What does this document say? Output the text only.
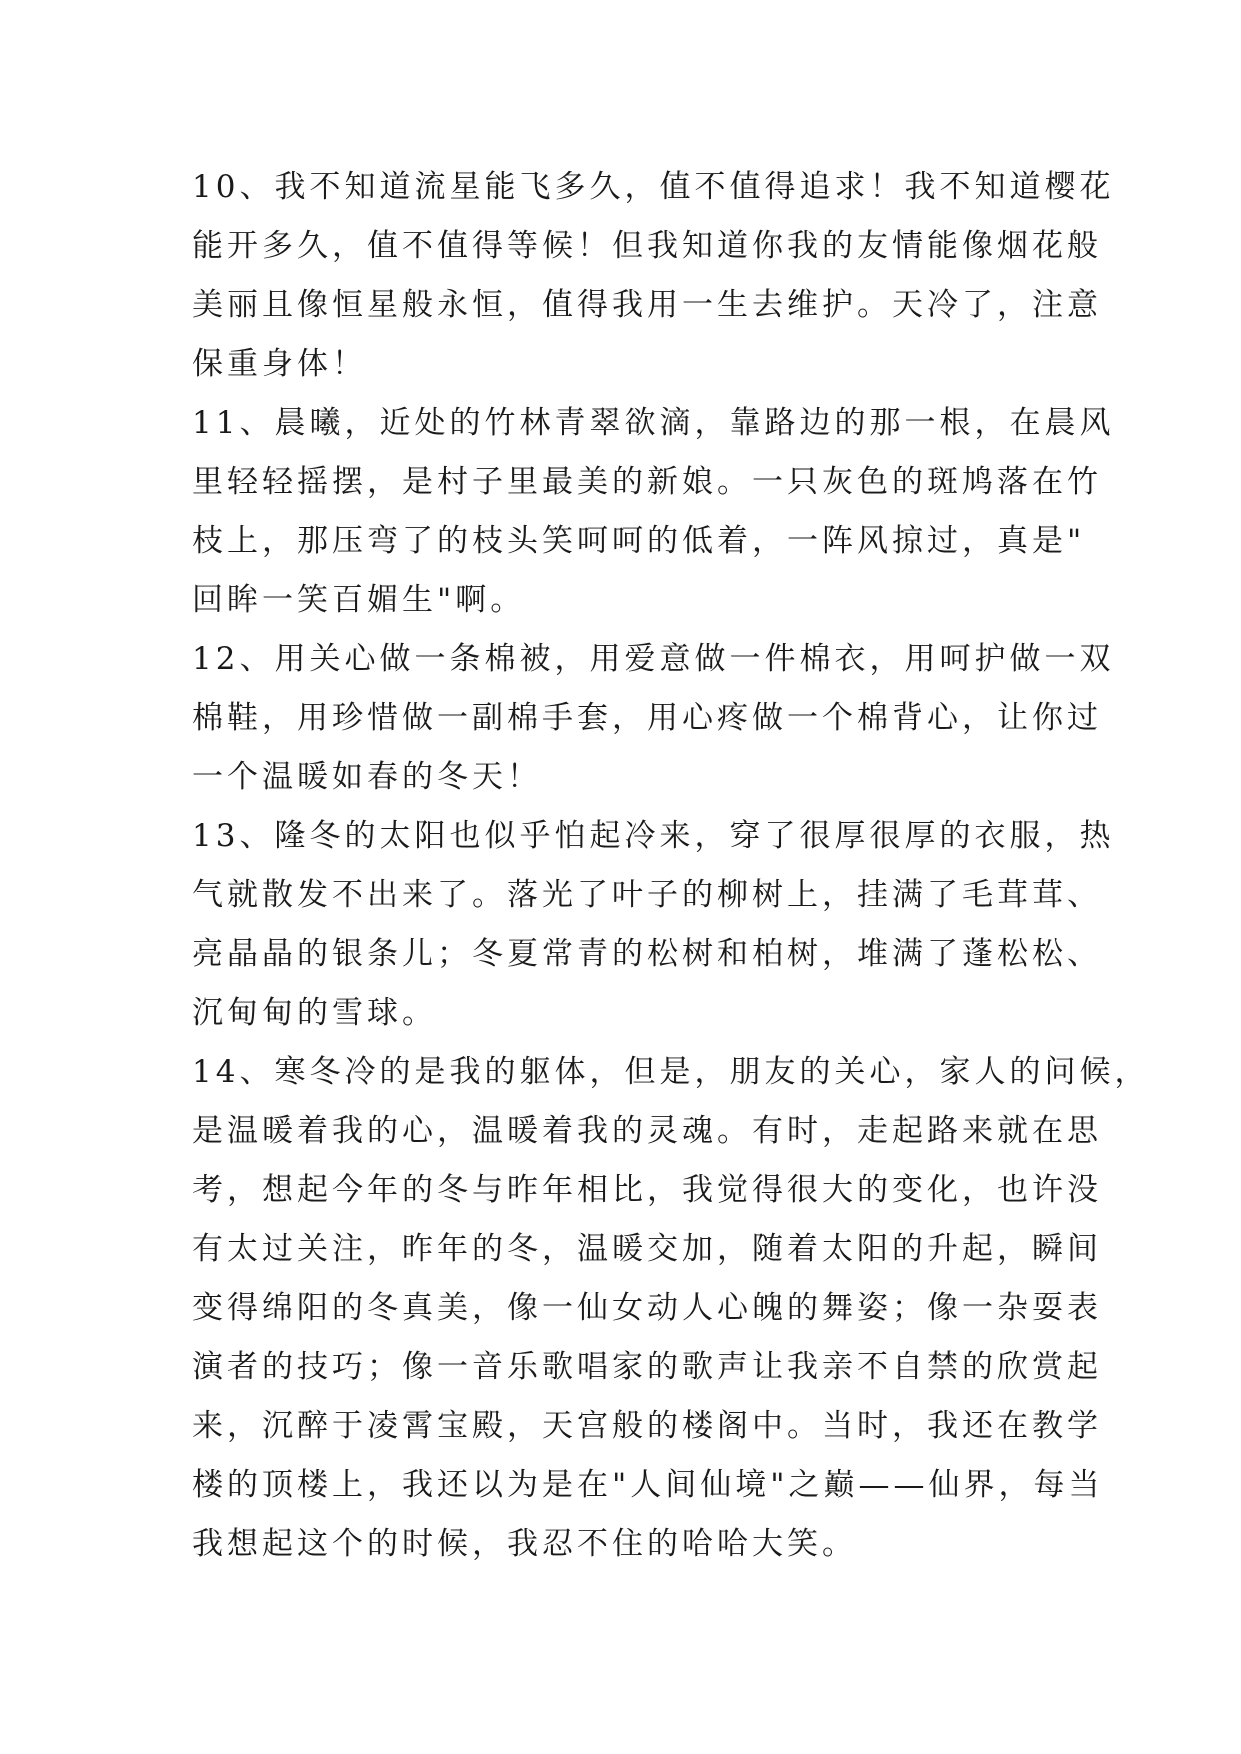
10、我不知道流星能飞多久，值不值得追求！我不知道樱花
能开多久，值不值得等候！但我知道你我的友情能像烟花般
美丽且像恒星般永恒，值得我用一生去维护。天冷了，注意
保重身体！

11、晨曦，近处的竹林青翠欲滴，靠路边的那一根，在晨风
里轻轻摇摆，是村子里最美的新娘。一只灰色的斑鸠落在竹
枝上，那压弯了的枝头笑呵呵的低着，一阵风掠过，真是"
回眸一笑百媚生"啊。

12、用关心做一条棉被，用爱意做一件棉衣，用呵护做一双
棉鞋，用珍惜做一副棉手套，用心疼做一个棉背心，让你过
一个温暖如春的冬天！

13、隆冬的太阳也似乎怕起冷来，穿了很厚很厚的衣服，热
气就散发不出来了。落光了叶子的柳树上，挂满了毛茸茸、
亮晶晶的银条儿；冬夏常青的松树和柏树，堆满了蓬松松、
沉甸甸的雪球。

14、寒冬冷的是我的躯体，但是，朋友的关心，家人的问候，
是温暖着我的心，温暖着我的灵魂。有时，走起路来就在思
考，想起今年的冬与昨年相比，我觉得很大的变化，也许没
有太过关注，昨年的冬，温暖交加，随着太阳的升起，瞬间
变得绵阳的冬真美，像一仙女动人心魄的舞姿；像一杂耍表
演者的技巧；像一音乐歌唱家的歌声让我亲不自禁的欣赏起
来，沉醉于凌霄宝殿，天宫般的楼阁中。当时，我还在教学
楼的顶楼上，我还以为是在"人间仙境"之巅——仙界，每当
我想起这个的时候，我忍不住的哈哈大笑。
